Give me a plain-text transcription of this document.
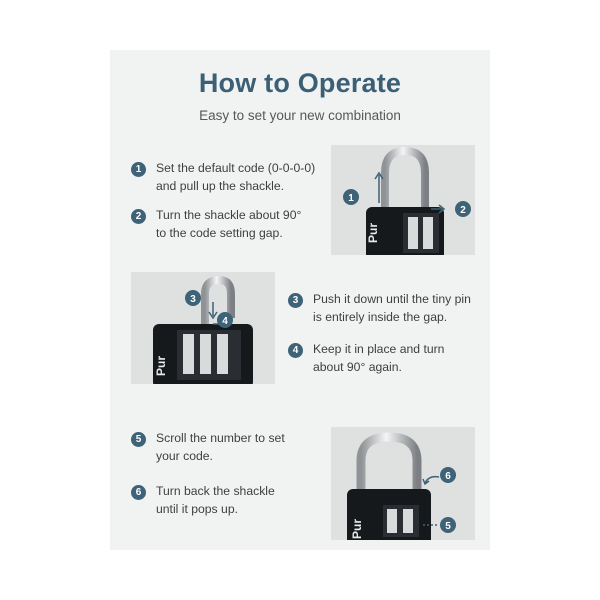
How to Operate
Easy to set your new combination
1	Set the default code (0-0-0-0)
and pull up the shackle.
2	Turn the shackle about 90°
to the code setting gap.
3	Push it down until the tiny pin
is entirely inside the gap.
4	Keep it in place and turn
about 90° again.
5	Scroll the number to set
your code.
6	Turn back the shackle
until it pops up.
Pur
1
2
Pur
3
4
Pur
6
5
